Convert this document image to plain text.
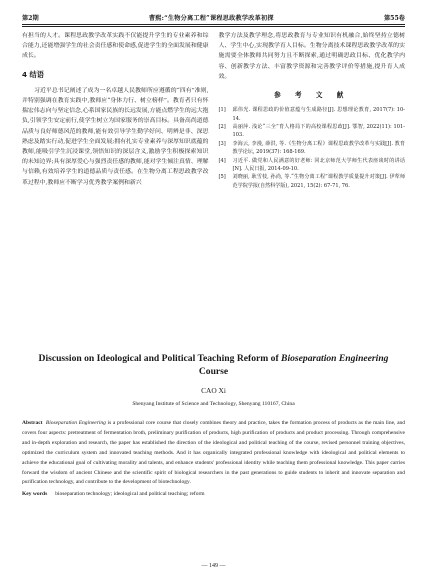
第2期	曹熙:“生物分离工程”课程思政教学改革初探	第55卷

有担当的人才。课程思政教学改革实践不仅能提升学生的专业素养和综合能力,还能增强学生的社会责任感和使命感,促进学生的全面发展和健康成长。

4 结语

习近平总书记阐述了成为一名卓越人民教师所应遵循的“四有”准则,并特别强调在教育实践中,教师应“身体力行、树立榜样”。教育者只有怀揣宏伟志向与坚定信念,心系国家民族的长远发展,方能点燃学生的远大抱负,引领学生安定前行,使学生树立为国家服务的崇高目标。具备高尚道德品质与良好师德风范的教师,能有效引导学生勤学好问、明辨是非、深思熟虑及踏实行动,促进学生全面发展;拥有扎实专业素养与深厚知识底蕴的教师,能吸引学生沉浸课堂,领悟知识的深层含义,激励学生积极探索知识的未知边界;具有深厚爱心与强烈责任感的教师,能对学生倾注真情、理解与信赖,有效培养学生的道德品质与责任感。在生物分离工程思政教学改革过程中,教师应不断学习优秀教学案例和新兴

教学方法及教学理念,将思政教育与专业知识有机融合,始终坚持立德树人、学生中心,实现教学育人目标。生物分离技术课程思政教学改革的实施需要全体教师共同努力且不断探索,通过明确思政目标、优化教学内容、创新教学方法、丰富教学资源和完善教学评价等措施,提升育人成效。

参 考 文 献
[1]	邱伟光. 课程思政的价值意蕴与生成路径[J]. 思想理论教育, 2017(7): 10-14.
[2]	高丽萍. 浅论“三全”育人格局下的高校课程思政[J]. 鄂智, 2022(11): 101-103.
[3]	李海云, 李漫, 薛洪, 等.《生物分离工程》课程思政教学改革与实践[J]. 教育教学论坛, 2019(37): 168-169.
[4]	习近平. 做党和人民满意的好老师: 同北京师范大学师生代表座谈时的讲话[N]. 人民日报, 2014-09-10.
[5]	刘晓丽, 耿雪枝, 孙尚, 等.“生物分离工程”课程教学质量提升对策[J]. 伊犁师范学院学报(自然科学版), 2021, 15(2): 67-71, 76.
Discussion on Ideological and Political Teaching Reform of Bioseparation Engineering
Course
CAO Xi
Shenyang Institute of Science and Technology, Shenyang 110167, China
Abstract Bioseparation Engineering is a professional core course that closely combines theory and practice, takes the formation process of products as the main line, and covers four aspects: pretreatment of fermentation broth, preliminary purification of products, high purification of products and product processing. Through comprehensive and in-depth exploration and research, the paper has established the direction of the ideological and political teaching of the course, revised personnel training objectives, optimized the curriculum system and innovated teaching methods. And it has organically integrated professional knowledge with ideological and political elements to achieve the educational goal of cultivating morality and talents, and enhance students' professional identity while teaching them professional knowledge. This paper carries forward the wisdom of ancient Chinese and the scientific spirit of biological researchers in the past generations to guide students to inherit and innovate separation and purification technology, and contribute to the development of biotechnology.
Key words bioseparation technology; ideological and political teaching; reform
— 149 —
